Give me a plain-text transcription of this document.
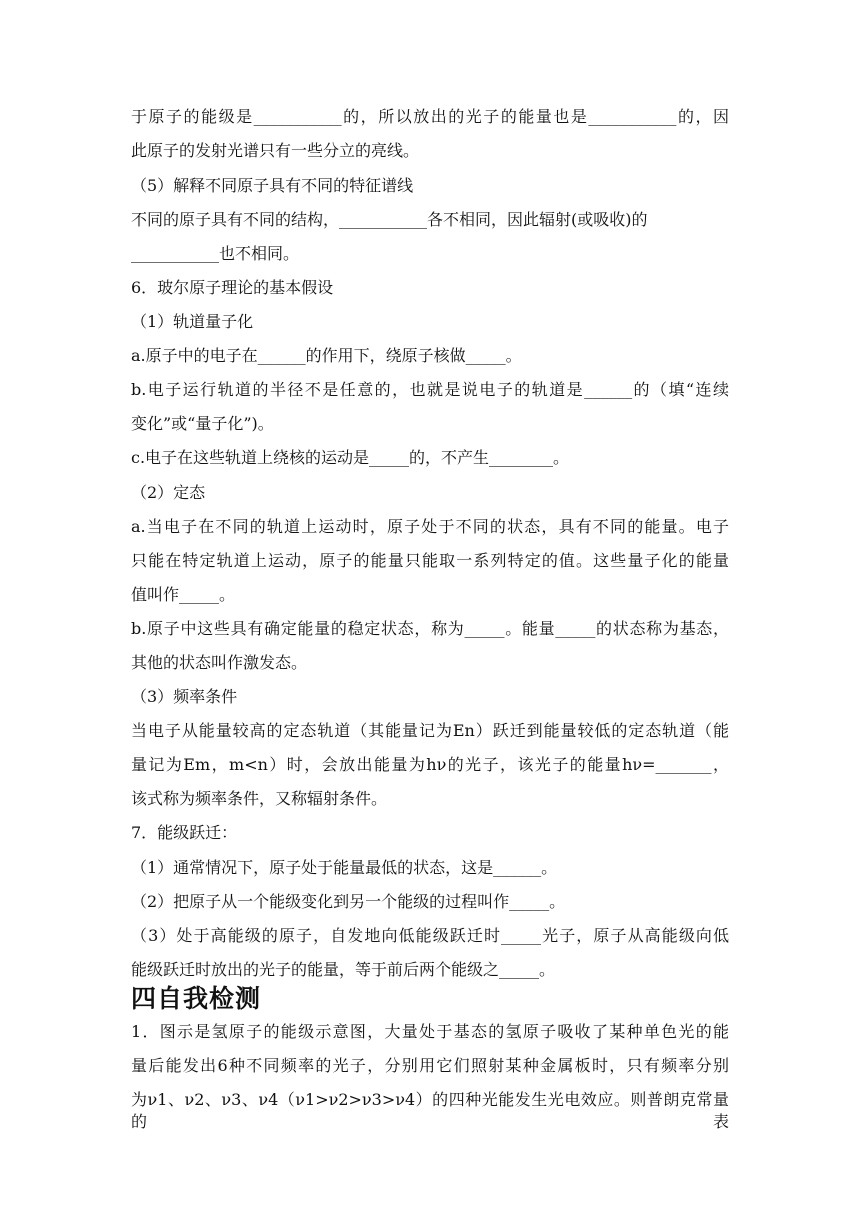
于原子的能级是___________的，所以放出的光子的能量也是___________的，因
此原子的发射光谱只有一些分立的亮线。
（5）解释不同原子具有不同的特征谱线
不同的原子具有不同的结构，___________各不相同，因此辐射(或吸收)的
___________也不相同。
6．玻尔原子理论的基本假设
（1）轨道量子化
a.原子中的电子在______的作用下，绕原子核做_____。
b.电子运行轨道的半径不是任意的，也就是说电子的轨道是______的（填“连续
变化”或“量子化”)。
c.电子在这些轨道上绕核的运动是_____的，不产生________。
（2）定态
a.当电子在不同的轨道上运动时，原子处于不同的状态，具有不同的能量。电子
只能在特定轨道上运动，原子的能量只能取一系列特定的值。这些量子化的能量
值叫作_____。
b.原子中这些具有确定能量的稳定状态，称为_____。能量_____的状态称为基态，
其他的状态叫作激发态。
（3）频率条件
当电子从能量较高的定态轨道（其能量记为En）跃迁到能量较低的定态轨道（能
量记为Em，m<n）时，会放出能量为hν的光子，该光子的能量hν=_______，
该式称为频率条件，又称辐射条件。
7．能级跃迁：
（1）通常情况下，原子处于能量最低的状态，这是______。
（2）把原子从一个能级变化到另一个能级的过程叫作_____。
（3）处于高能级的原子，自发地向低能级跃迁时_____光子，原子从高能级向低
能级跃迁时放出的光子的能量，等于前后两个能级之_____。
四自我检测
1．图示是氢原子的能级示意图，大量处于基态的氢原子吸收了某种单色光的能
量后能发出6种不同频率的光子，分别用它们照射某种金属板时，只有频率分别
为ν1、ν2、ν3、ν4（ν1>ν2>ν3>ν4）的四种光能发生光电效应。则普朗克常量的表
